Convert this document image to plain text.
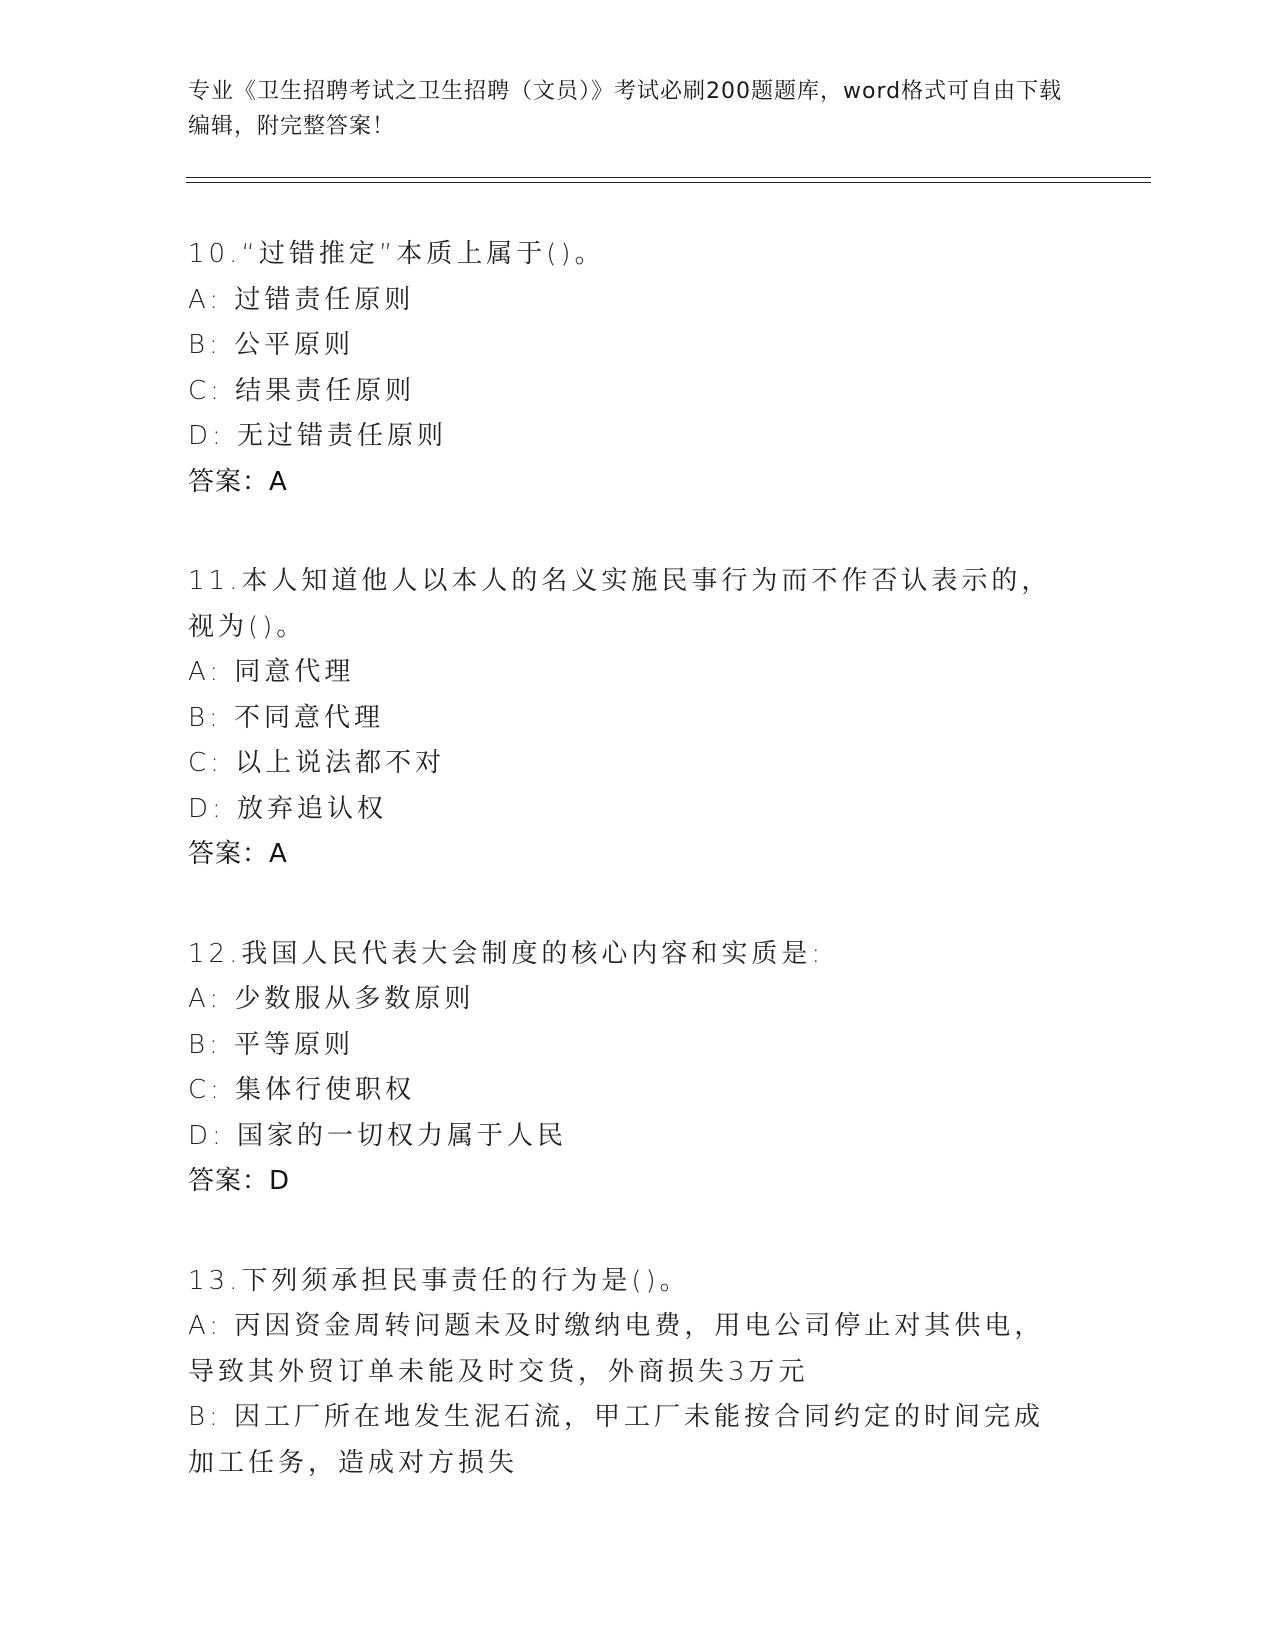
专业《卫生招聘考试之卫生招聘（文员）》考试必刷200题题库，word格式可自由下载编辑，附完整答案！
10.“过错推定”本质上属于()。
A: 过错责任原则
B: 公平原则
C: 结果责任原则
D: 无过错责任原则
答案：A
11.本人知道他人以本人的名义实施民事行为而不作否认表示的，视为()。
A: 同意代理
B: 不同意代理
C: 以上说法都不对
D: 放弃追认权
答案：A
12.我国人民代表大会制度的核心内容和实质是:
A: 少数服从多数原则
B: 平等原则
C: 集体行使职权
D: 国家的一切权力属于人民
答案：D
13.下列须承担民事责任的行为是()。
A: 丙因资金周转问题未及时缴纳电费，用电公司停止对其供电，导致其外贸订单未能及时交货，外商损失3万元
B: 因工厂所在地发生泥石流，甲工厂未能按合同约定的时间完成加工任务，造成对方损失
